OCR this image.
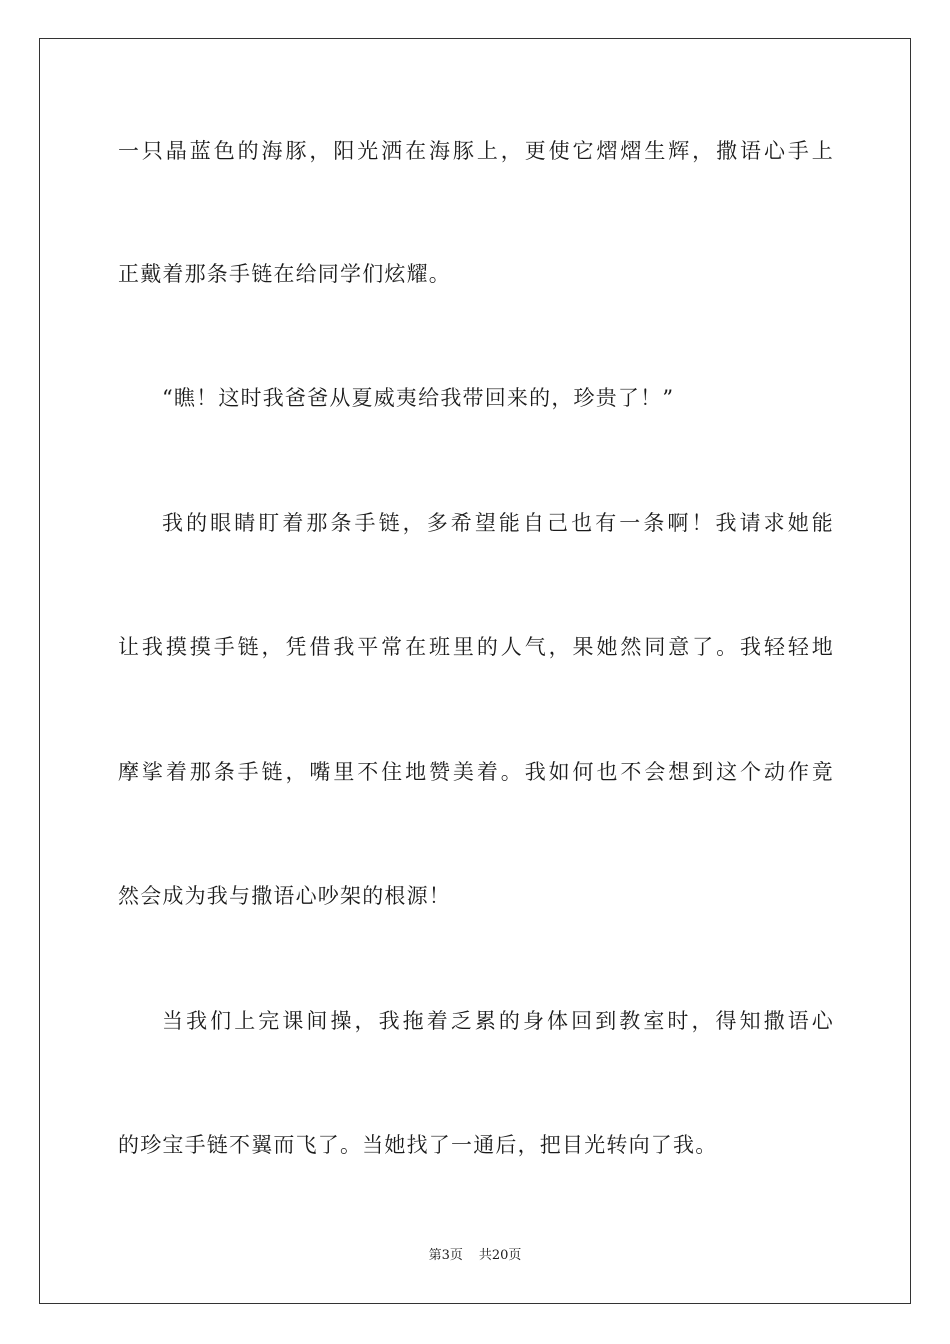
一只晶蓝色的海豚，阳光洒在海豚上，更使它熠熠生辉，撒语心手上
正戴着那条手链在给同学们炫耀。
“瞧！这时我爸爸从夏威夷给我带回来的，珍贵了！”
我的眼睛盯着那条手链，多希望能自己也有一条啊！我请求她能
让我摸摸手链，凭借我平常在班里的人气，果她然同意了。我轻轻地
摩挲着那条手链，嘴里不住地赞美着。我如何也不会想到这个动作竟
然会成为我与撒语心吵架的根源！
当我们上完课间操，我拖着乏累的身体回到教室时，得知撒语心
的珍宝手链不翼而飞了。当她找了一通后，把目光转向了我。
第3页 共20页
